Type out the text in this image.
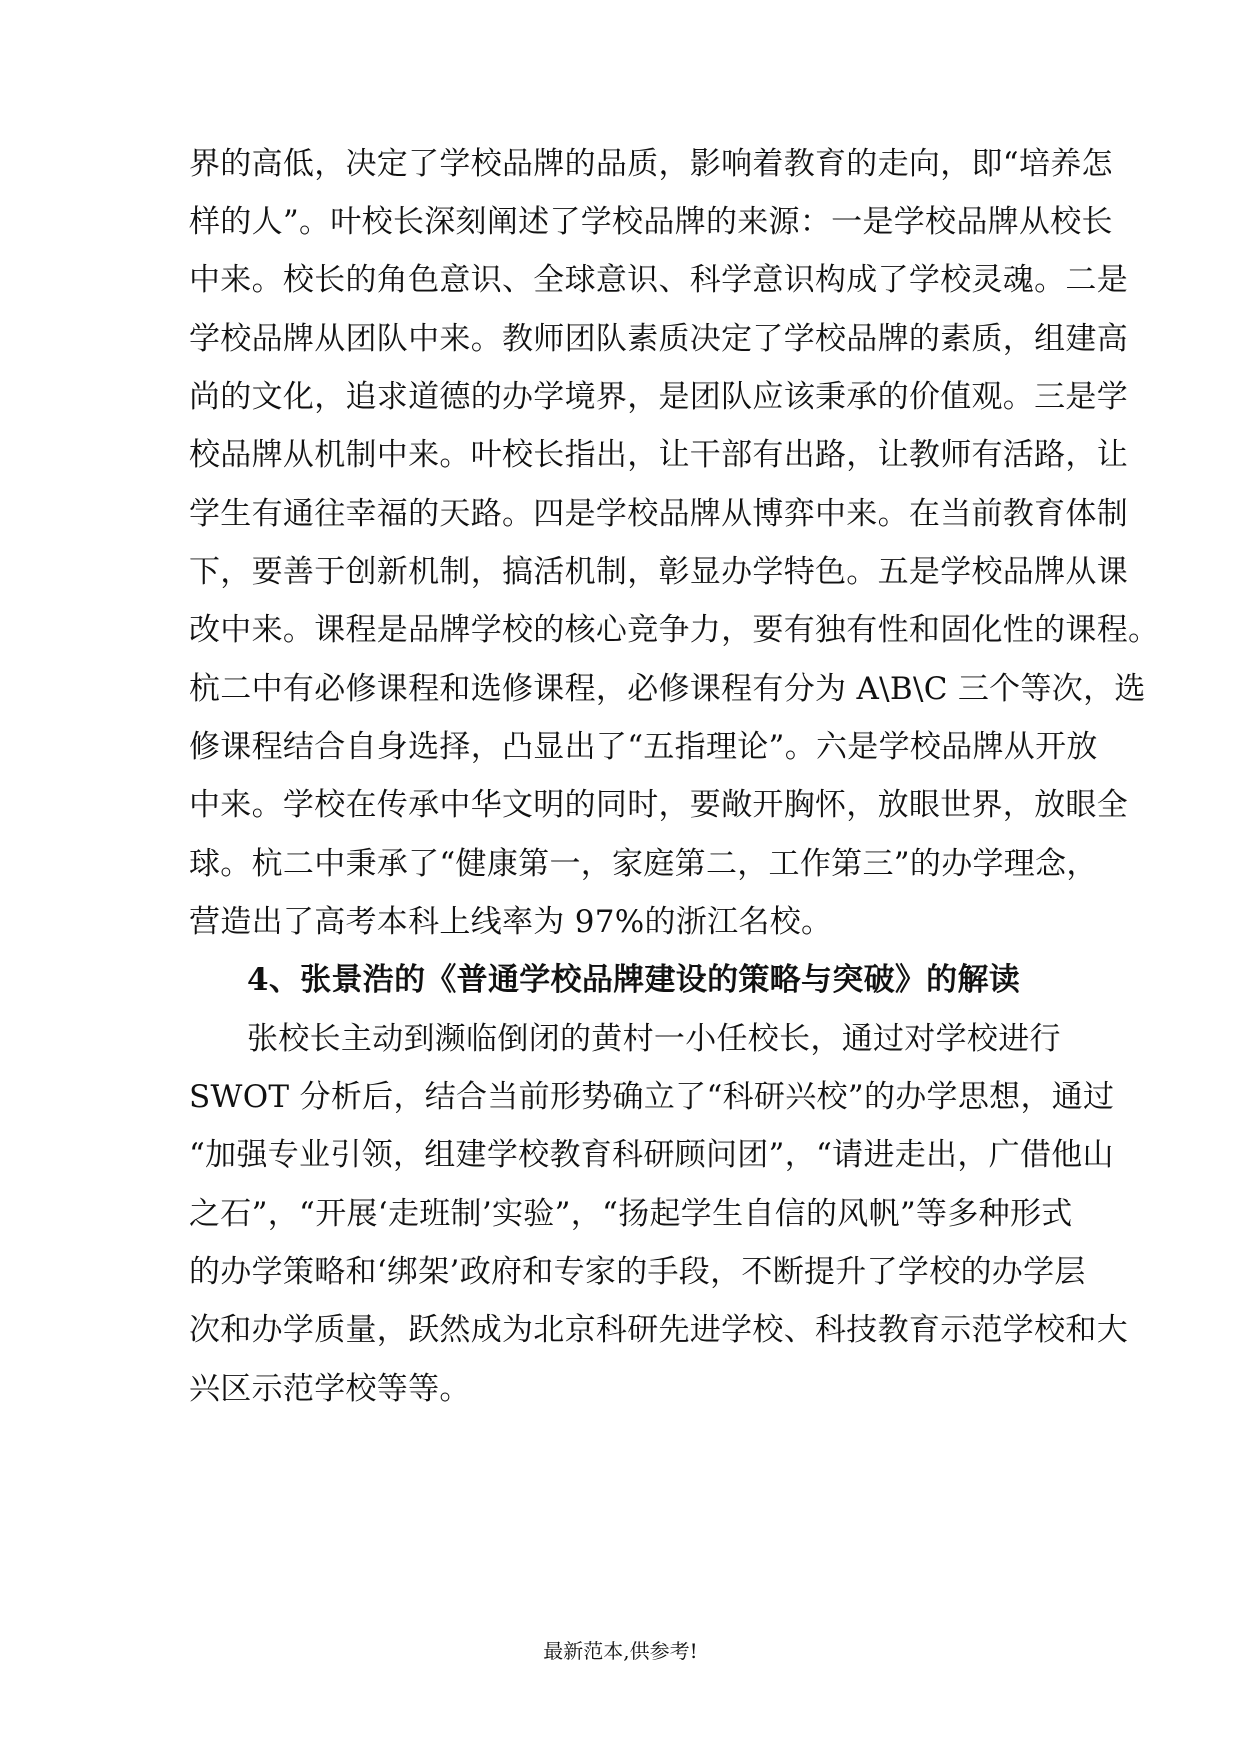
界的高低，决定了学校品牌的品质，影响着教育的走向，即“培养怎
样的人”。叶校长深刻阐述了学校品牌的来源：一是学校品牌从校长
中来。校长的角色意识、全球意识、科学意识构成了学校灵魂。二是
学校品牌从团队中来。教师团队素质决定了学校品牌的素质，组建高
尚的文化，追求道德的办学境界，是团队应该秉承的价值观。三是学
校品牌从机制中来。叶校长指出，让干部有出路，让教师有活路，让
学生有通往幸福的天路。四是学校品牌从博弈中来。在当前教育体制
下，要善于创新机制，搞活机制，彰显办学特色。五是学校品牌从课
改中来。课程是品牌学校的核心竞争力，要有独有性和固化性的课程。
杭二中有必修课程和选修课程，必修课程有分为 A\B\C 三个等次，选
修课程结合自身选择，凸显出了“五指理论”。六是学校品牌从开放
中来。学校在传承中华文明的同时，要敞开胸怀，放眼世界，放眼全
球。杭二中秉承了“健康第一，家庭第二，工作第三”的办学理念，
营造出了高考本科上线率为 97%的浙江名校。
4、张景浩的《普通学校品牌建设的策略与突破》的解读
张校长主动到濒临倒闭的黄村一小任校长，通过对学校进行
SWOT 分析后，结合当前形势确立了“科研兴校”的办学思想，通过
“加强专业引领，组建学校教育科研顾问团”，“请进走出，广借他山
之石”，“开展‘走班制’实验”，“扬起学生自信的风帆”等多种形式
的办学策略和‘绑架’政府和专家的手段，不断提升了学校的办学层
次和办学质量，跃然成为北京科研先进学校、科技教育示范学校和大
兴区示范学校等等。
最新范本,供参考!
